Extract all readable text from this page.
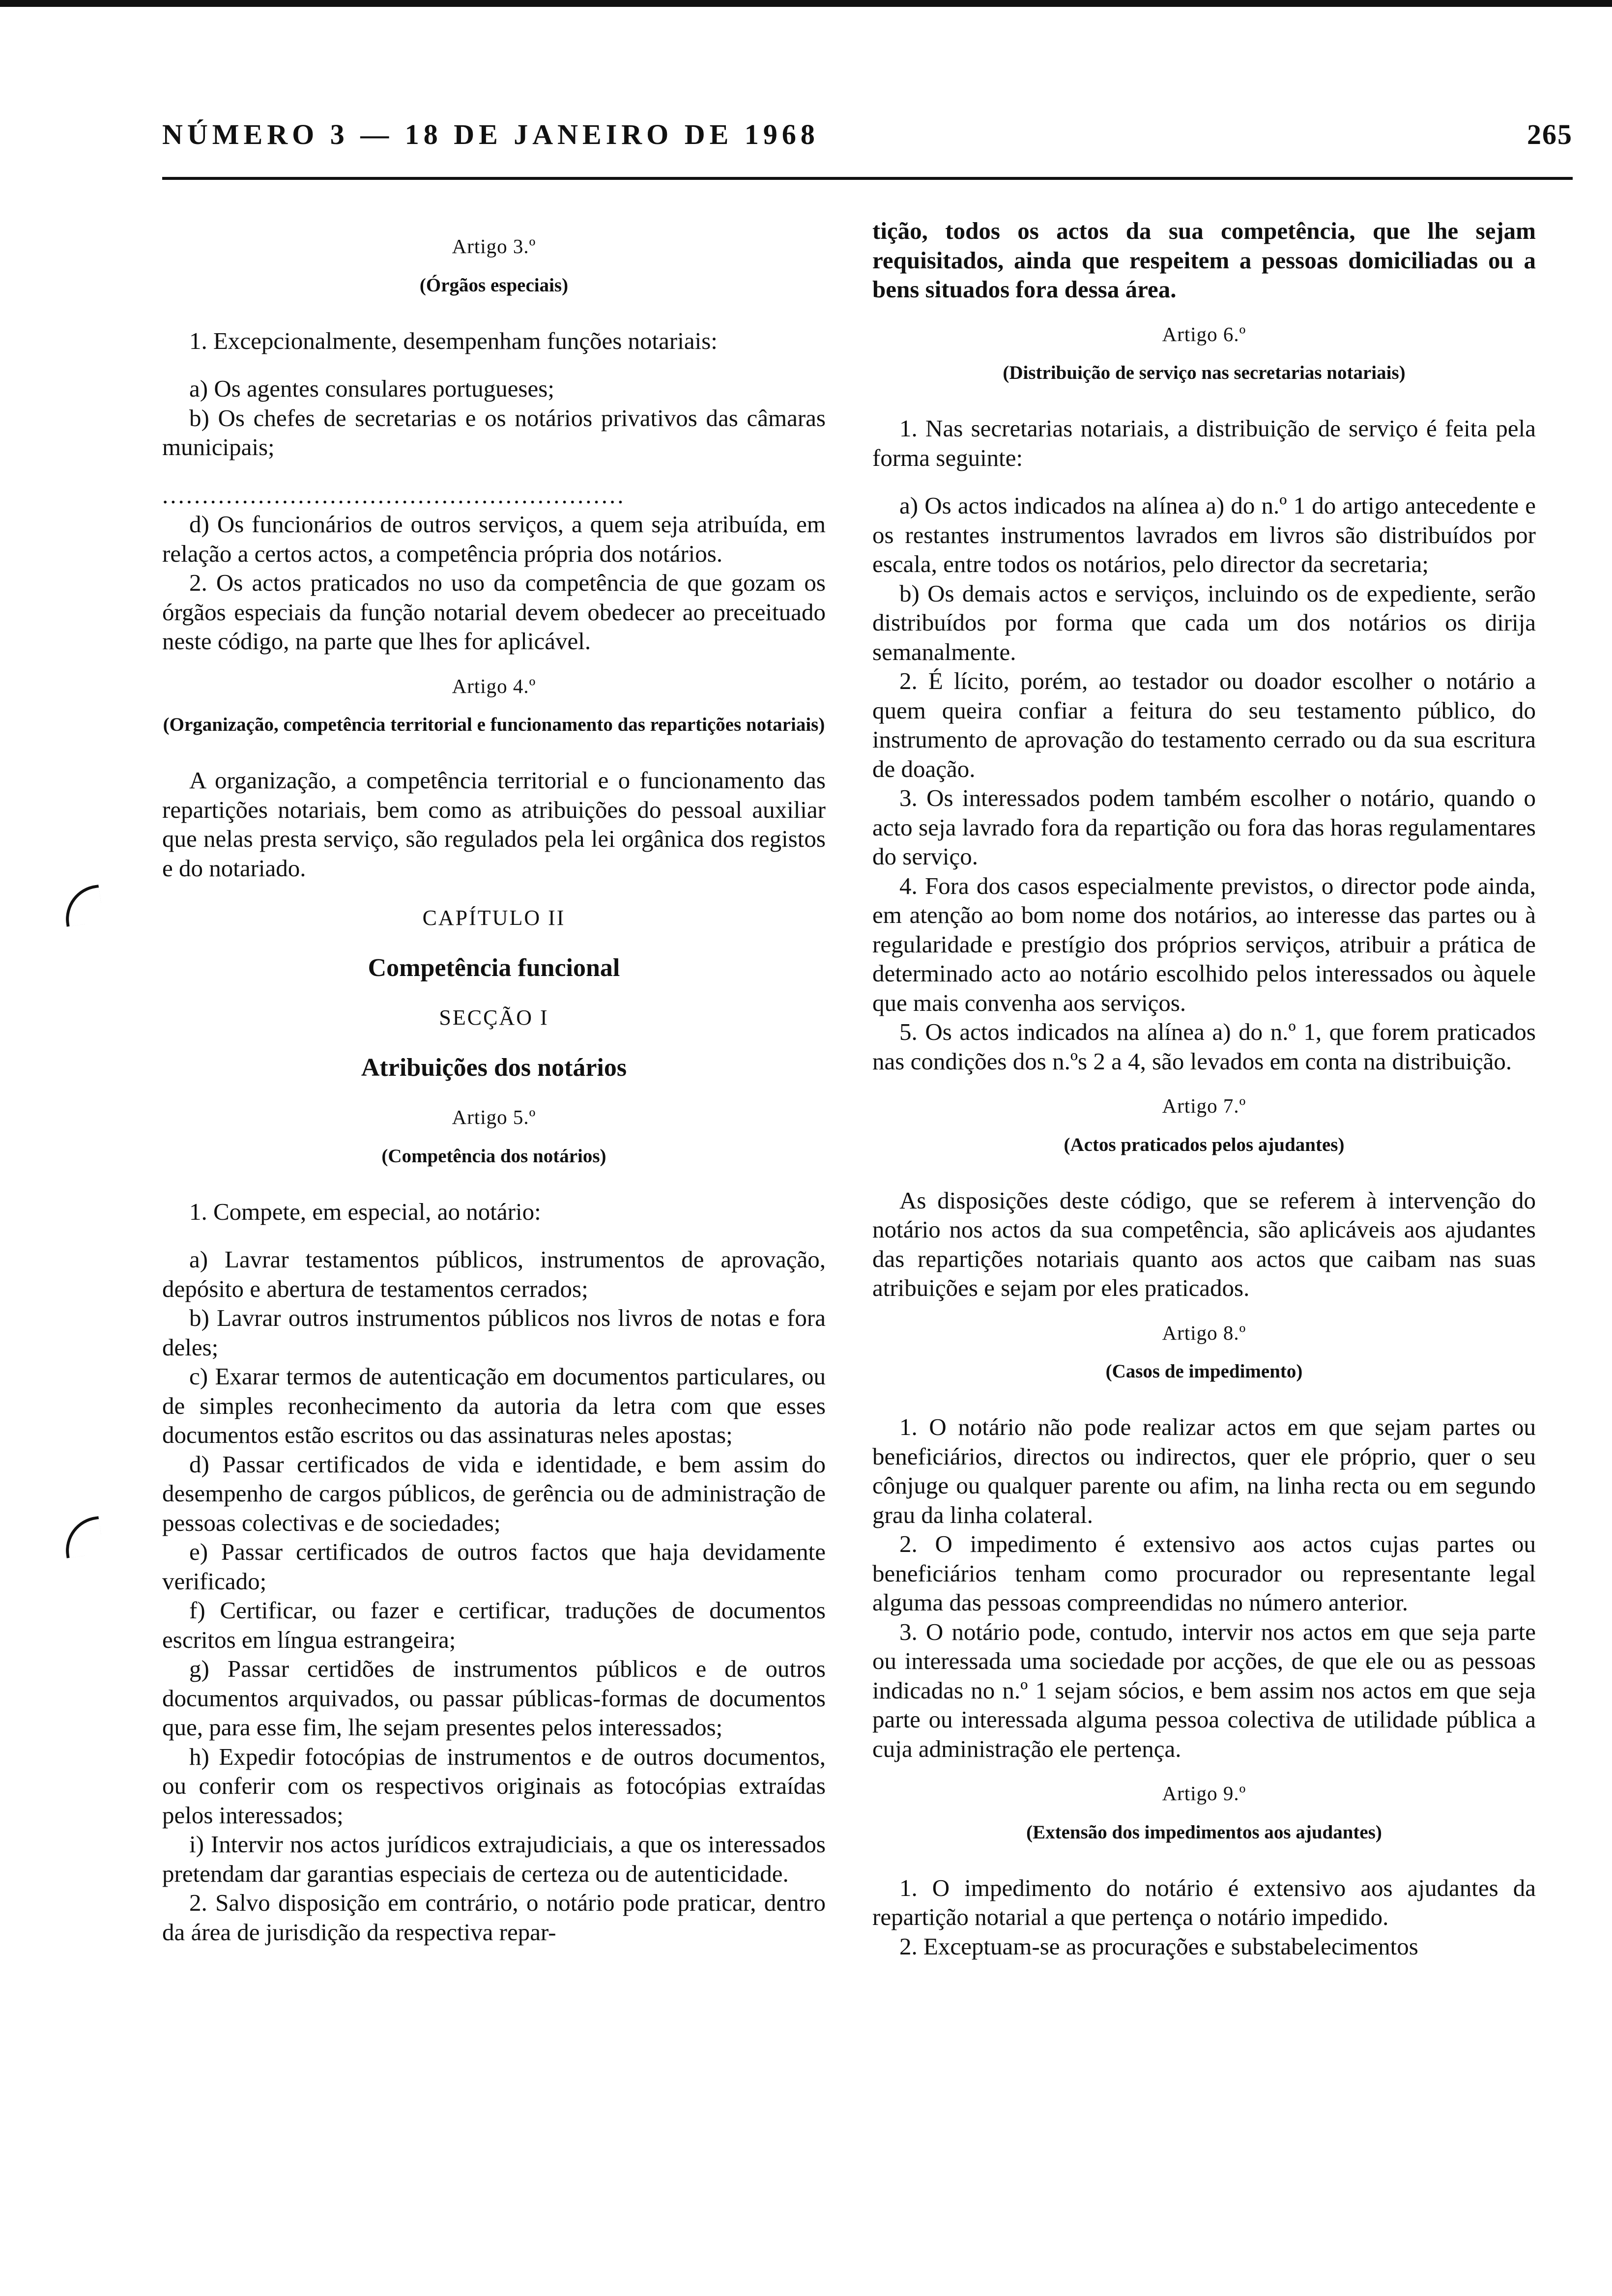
NÚMERO 3 — 18 DE JANEIRO DE 1968	265

Artigo 3.º

(Órgãos especiais)

1. Excepcionalmente, desempenham funções notariais:

a) Os agentes consulares portugueses;

b) Os chefes de secretarias e os notários privativos das câmaras municipais;

..........................................................

d) Os funcionários de outros serviços, a quem seja atribuída, em relação a certos actos, a competência própria dos notários.

2. Os actos praticados no uso da competência de que gozam os órgãos especiais da função notarial devem obedecer ao preceituado neste código, na parte que lhes for aplicável.

Artigo 4.º

(Organização, competência territorial e funcionamento das repartições notariais)

A organização, a competência territorial e o funcionamento das repartições notariais, bem como as atribuições do pessoal auxiliar que nelas presta serviço, são regulados pela lei orgânica dos registos e do notariado.

CAPÍTULO II

Competência funcional

SECÇÃO I

Atribuições dos notários

Artigo 5.º

(Competência dos notários)

1. Compete, em especial, ao notário:

a) Lavrar testamentos públicos, instrumentos de aprovação, depósito e abertura de testamentos cerrados;

b) Lavrar outros instrumentos públicos nos livros de notas e fora deles;

c) Exarar termos de autenticação em documentos particulares, ou de simples reconhecimento da autoria da letra com que esses documentos estão escritos ou das assinaturas neles apostas;

d) Passar certificados de vida e identidade, e bem assim do desempenho de cargos públicos, de gerência ou de administração de pessoas colectivas e de sociedades;

e) Passar certificados de outros factos que haja devidamente verificado;

f) Certificar, ou fazer e certificar, traduções de documentos escritos em língua estrangeira;

g) Passar certidões de instrumentos públicos e de outros documentos arquivados, ou passar públicas-formas de documentos que, para esse fim, lhe sejam presentes pelos interessados;

h) Expedir fotocópias de instrumentos e de outros documentos, ou conferir com os respectivos originais as fotocópias extraídas pelos interessados;

i) Intervir nos actos jurídicos extrajudiciais, a que os interessados pretendam dar garantias especiais de certeza ou de autenticidade.

2. Salvo disposição em contrário, o notário pode praticar, dentro da área de jurisdição da respectiva repar-

tição, todos os actos da sua competência, que lhe sejam requisitados, ainda que respeitem a pessoas domiciliadas ou a bens situados fora dessa área.

Artigo 6.º

(Distribuição de serviço nas secretarias notariais)

1. Nas secretarias notariais, a distribuição de serviço é feita pela forma seguinte:

a) Os actos indicados na alínea a) do n.º 1 do artigo antecedente e os restantes instrumentos lavrados em livros são distribuídos por escala, entre todos os notários, pelo director da secretaria;

b) Os demais actos e serviços, incluindo os de expediente, serão distribuídos por forma que cada um dos notários os dirija semanalmente.

2. É lícito, porém, ao testador ou doador escolher o notário a quem queira confiar a feitura do seu testamento público, do instrumento de aprovação do testamento cerrado ou da sua escritura de doação.

3. Os interessados podem também escolher o notário, quando o acto seja lavrado fora da repartição ou fora das horas regulamentares do serviço.

4. Fora dos casos especialmente previstos, o director pode ainda, em atenção ao bom nome dos notários, ao interesse das partes ou à regularidade e prestígio dos próprios serviços, atribuir a prática de determinado acto ao notário escolhido pelos interessados ou àquele que mais convenha aos serviços.

5. Os actos indicados na alínea a) do n.º 1, que forem praticados nas condições dos n.ºs 2 a 4, são levados em conta na distribuição.

Artigo 7.º

(Actos praticados pelos ajudantes)

As disposições deste código, que se referem à intervenção do notário nos actos da sua competência, são aplicáveis aos ajudantes das repartições notariais quanto aos actos que caibam nas suas atribuições e sejam por eles praticados.

Artigo 8.º

(Casos de impedimento)

1. O notário não pode realizar actos em que sejam partes ou beneficiários, directos ou indirectos, quer ele próprio, quer o seu cônjuge ou qualquer parente ou afim, na linha recta ou em segundo grau da linha colateral.

2. O impedimento é extensivo aos actos cujas partes ou beneficiários tenham como procurador ou representante legal alguma das pessoas compreendidas no número anterior.

3. O notário pode, contudo, intervir nos actos em que seja parte ou interessada uma sociedade por acções, de que ele ou as pessoas indicadas no n.º 1 sejam sócios, e bem assim nos actos em que seja parte ou interessada alguma pessoa colectiva de utilidade pública a cuja administração ele pertença.

Artigo 9.º

(Extensão dos impedimentos aos ajudantes)

1. O impedimento do notário é extensivo aos ajudantes da repartição notarial a que pertença o notário impedido.

2. Exceptuam-se as procurações e substabelecimentos
